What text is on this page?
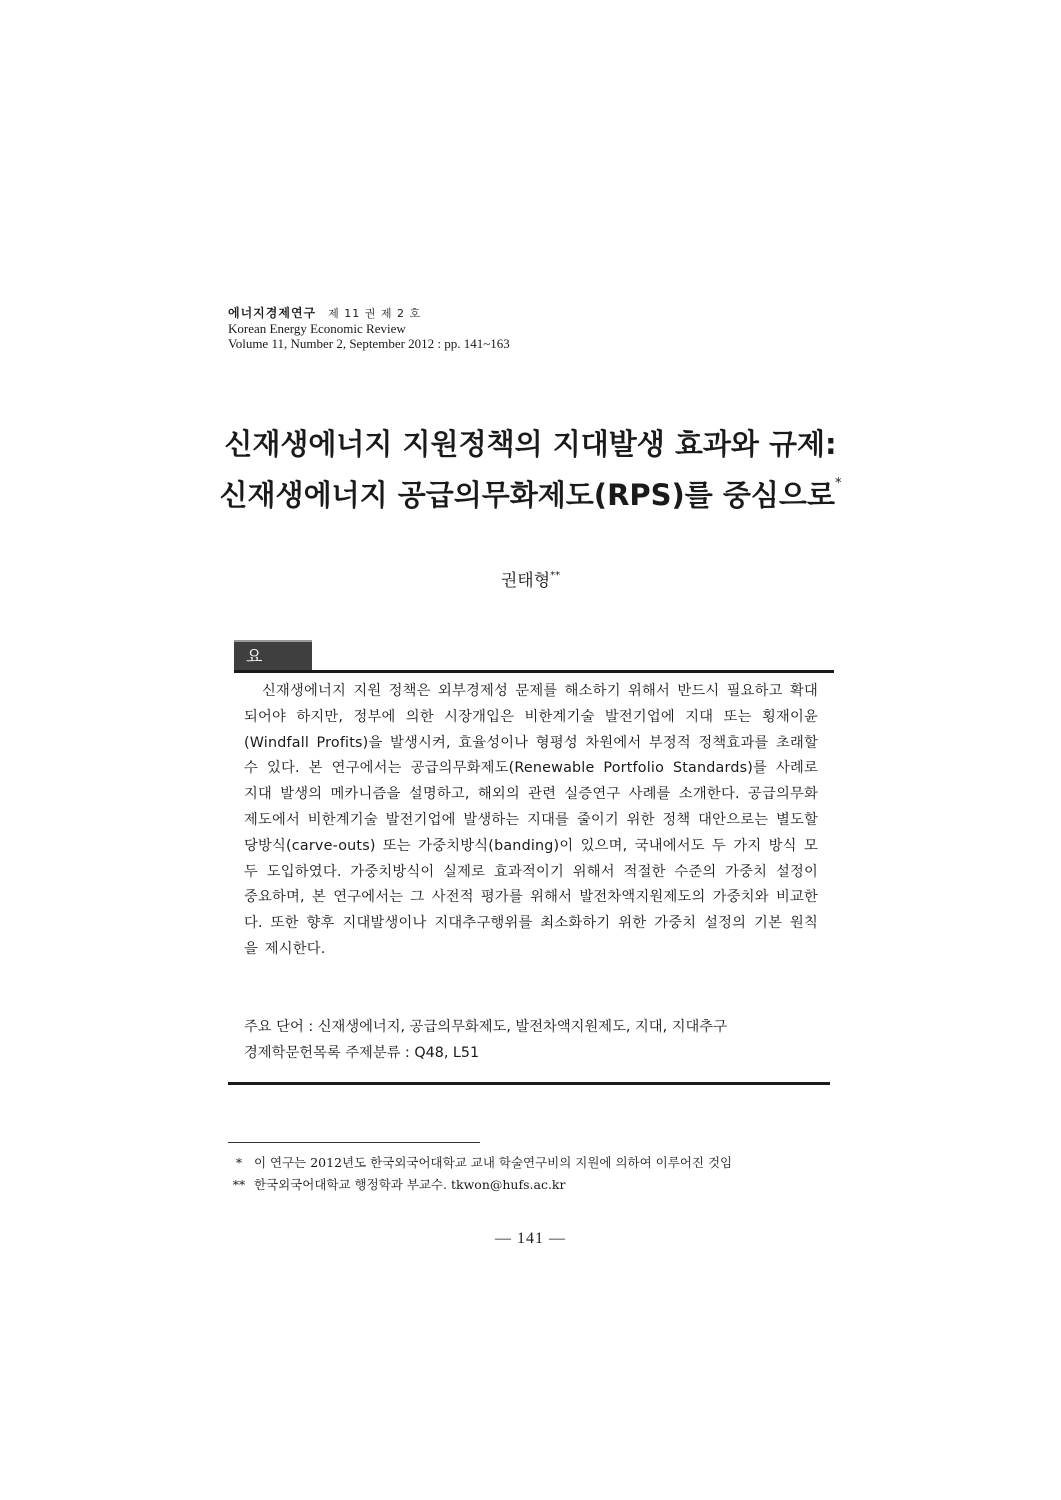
에너지경제연구 제 11 권 제 2 호
Korean Energy Economic Review
Volume 11, Number 2, September 2012 : pp. 141~163
신재생에너지 지원정책의 지대발생 효과와 규제:
신재생에너지 공급의무화제도(RPS)를 중심으로*
권태형**
요 약
신재생에너지 지원 정책은 외부경제성 문제를 해소하기 위해서 반드시 필요하고 확대되어야 하지만, 정부에 의한 시장개입은 비한계기술 발전기업에 지대 또는 횡재이윤(Windfall Profits)을 발생시켜, 효율성이나 형평성 차원에서 부정적 정책효과를 초래할 수 있다. 본 연구에서는 공급의무화제도(Renewable Portfolio Standards)를 사례로 지대 발생의 메카니즘을 설명하고, 해외의 관련 실증연구 사례를 소개한다. 공급의무화제도에서 비한계기술 발전기업에 발생하는 지대를 줄이기 위한 정책 대안으로는 별도할당방식(carve-outs) 또는 가중치방식(banding)이 있으며, 국내에서도 두 가지 방식 모두 도입하였다. 가중치방식이 실제로 효과적이기 위해서 적절한 수준의 가중치 설정이 중요하며, 본 연구에서는 그 사전적 평가를 위해서 발전차액지원제도의 가중치와 비교한다. 또한 향후 지대발생이나 지대추구행위를 최소화하기 위한 가중치 설정의 기본 원칙을 제시한다.
주요 단어 : 신재생에너지, 공급의무화제도, 발전차액지원제도, 지대, 지대추구
경제학문헌목록 주제분류 : Q48, L51
* 이 연구는 2012년도 한국외국어대학교 교내 학술연구비의 지원에 의하여 이루어진 것임
** 한국외국어대학교 행정학과 부교수. tkwon@hufs.ac.kr
— 141 —
